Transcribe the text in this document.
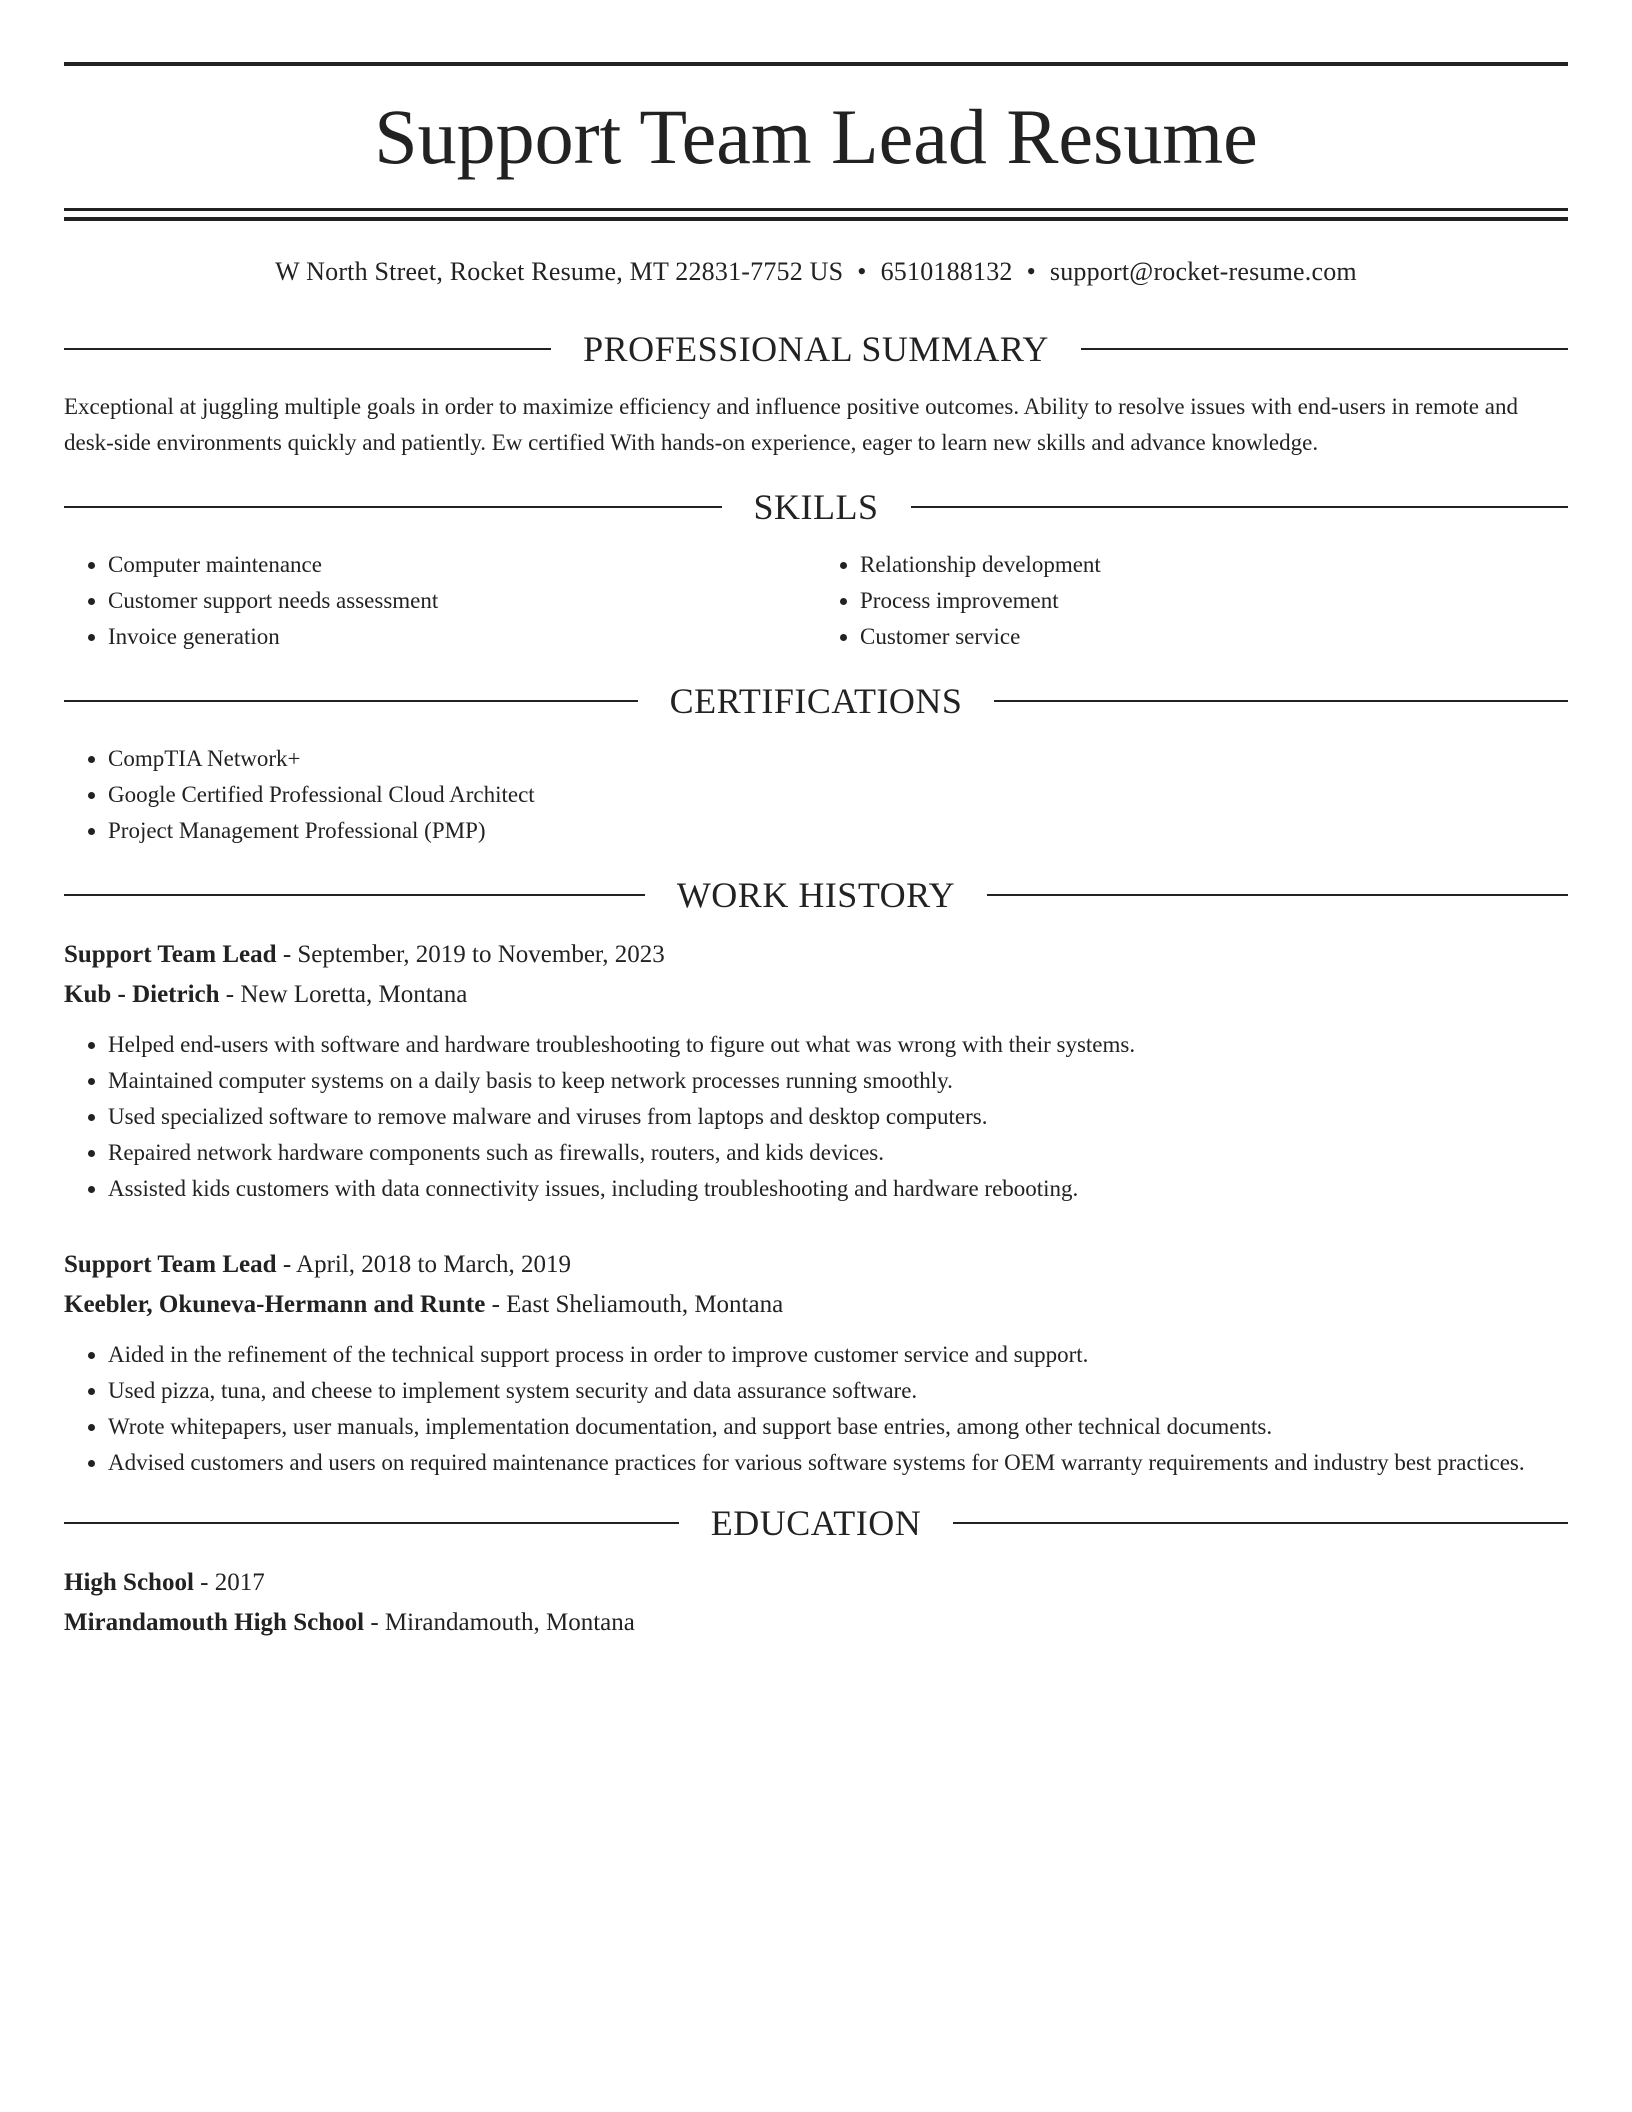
Support Team Lead Resume
W North Street, Rocket Resume, MT 22831-7752 US • 6510188132 • support@rocket-resume.com
PROFESSIONAL SUMMARY

Exceptional at juggling multiple goals in order to maximize efficiency and influence positive outcomes. Ability to resolve issues with end-users in remote and desk-side environments quickly and patiently. Ew certified With hands-on experience, eager to learn new skills and advance knowledge.

SKILLS
• Computer maintenance
• Customer support needs assessment
• Invoice generation
• Relationship development
• Process improvement
• Customer service
CERTIFICATIONS
• CompTIA Network+
• Google Certified Professional Cloud Architect
• Project Management Professional (PMP)
WORK HISTORY
Support Team Lead - September, 2019 to November, 2023
Kub - Dietrich - New Loretta, Montana
• Helped end-users with software and hardware troubleshooting to figure out what was wrong with their systems.
• Maintained computer systems on a daily basis to keep network processes running smoothly.
• Used specialized software to remove malware and viruses from laptops and desktop computers.
• Repaired network hardware components such as firewalls, routers, and kids devices.
• Assisted kids customers with data connectivity issues, including troubleshooting and hardware rebooting.
Support Team Lead - April, 2018 to March, 2019
Keebler, Okuneva-Hermann and Runte - East Sheliamouth, Montana
• Aided in the refinement of the technical support process in order to improve customer service and support.
• Used pizza, tuna, and cheese to implement system security and data assurance software.
• Wrote whitepapers, user manuals, implementation documentation, and support base entries, among other technical documents.
• Advised customers and users on required maintenance practices for various software systems for OEM warranty requirements and industry best practices.
EDUCATION
High School - 2017
Mirandamouth High School - Mirandamouth, Montana
